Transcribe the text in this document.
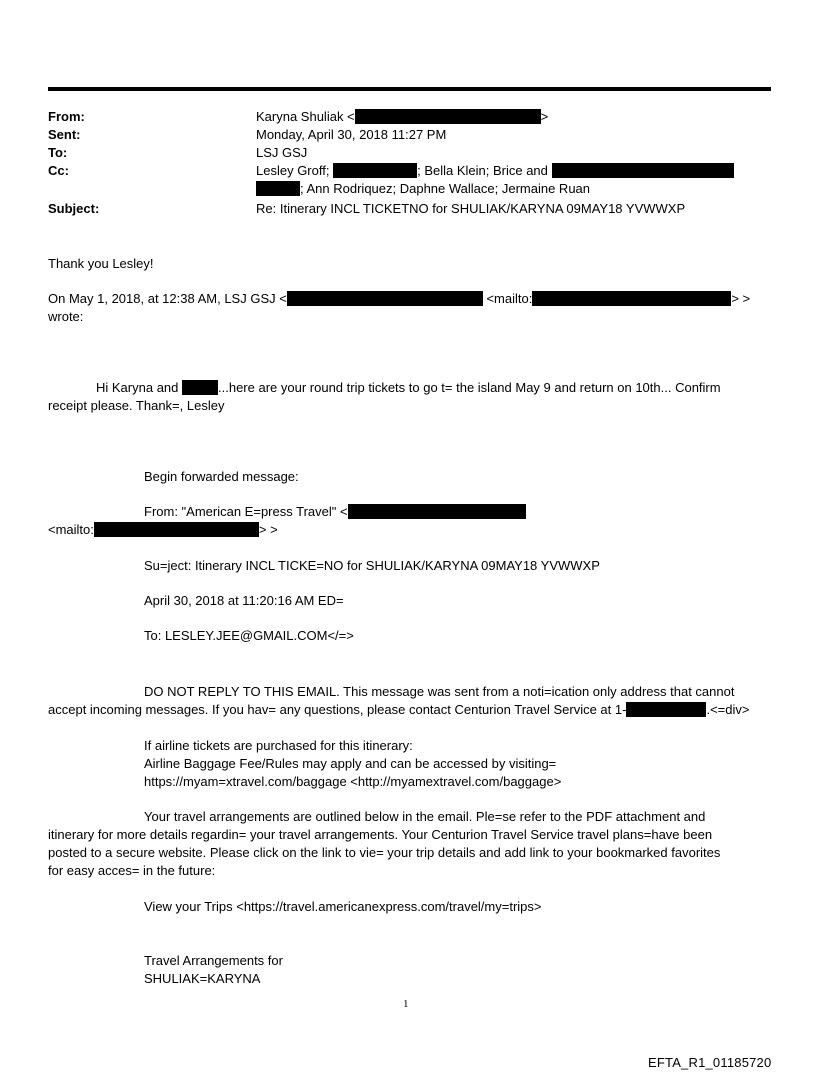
From:	Karyna Shuliak <	>
Sent:	Monday, April 30, 2018 11:27 PM
To:	LSJ GSJ
Cc:	Lesley Groff;	; Bella Klein; Brice and
; Ann Rodriquez; Daphne Wallace; Jermaine Ruan
Subject:	Re: Itinerary INCL TICKETNO for SHULIAK/KARYNA 09MAY18 YVWWXP
Thank you Lesley!
On May 1, 2018, at 12:38 AM, LSJ GSJ <	<mailto:	> >
wrote:
Hi Karyna and	...here are your round trip tickets to go t= the island May 9 and return on 10th... Confirm
receipt please. Thank=, Lesley
Begin forwarded message:
From: "American E=press Travel" <
<mailto:	> >
Su=ject: Itinerary INCL TICKE=NO for SHULIAK/KARYNA 09MAY18 YVWWXP
April 30, 2018 at 11:20:16 AM ED=
To: LESLEY.JEE@GMAIL.COM</=>
DO NOT REPLY TO THIS EMAIL. This message was sent from a noti=ication only address that cannot
accept incoming messages. If you hav= any questions, please contact Centurion Travel Service at 1-	.<=div>
If airline tickets are purchased for this itinerary:
Airline Baggage Fee/Rules may apply and can be accessed by visiting=
https://myam=xtravel.com/baggage <http://myamextravel.com/baggage>
Your travel arrangements are outlined below in the email. Ple=se refer to the PDF attachment and
itinerary for more details regardin= your travel arrangements. Your Centurion Travel Service travel plans=have been
posted to a secure website. Please click on the link to vie= your trip details and add link to your bookmarked favorites
for easy acces= in the future:
View your Trips <https://travel.americanexpress.com/travel/my=trips>
Travel Arrangements for
SHULIAK=KARYNA
1
EFTA_R1_01185720
